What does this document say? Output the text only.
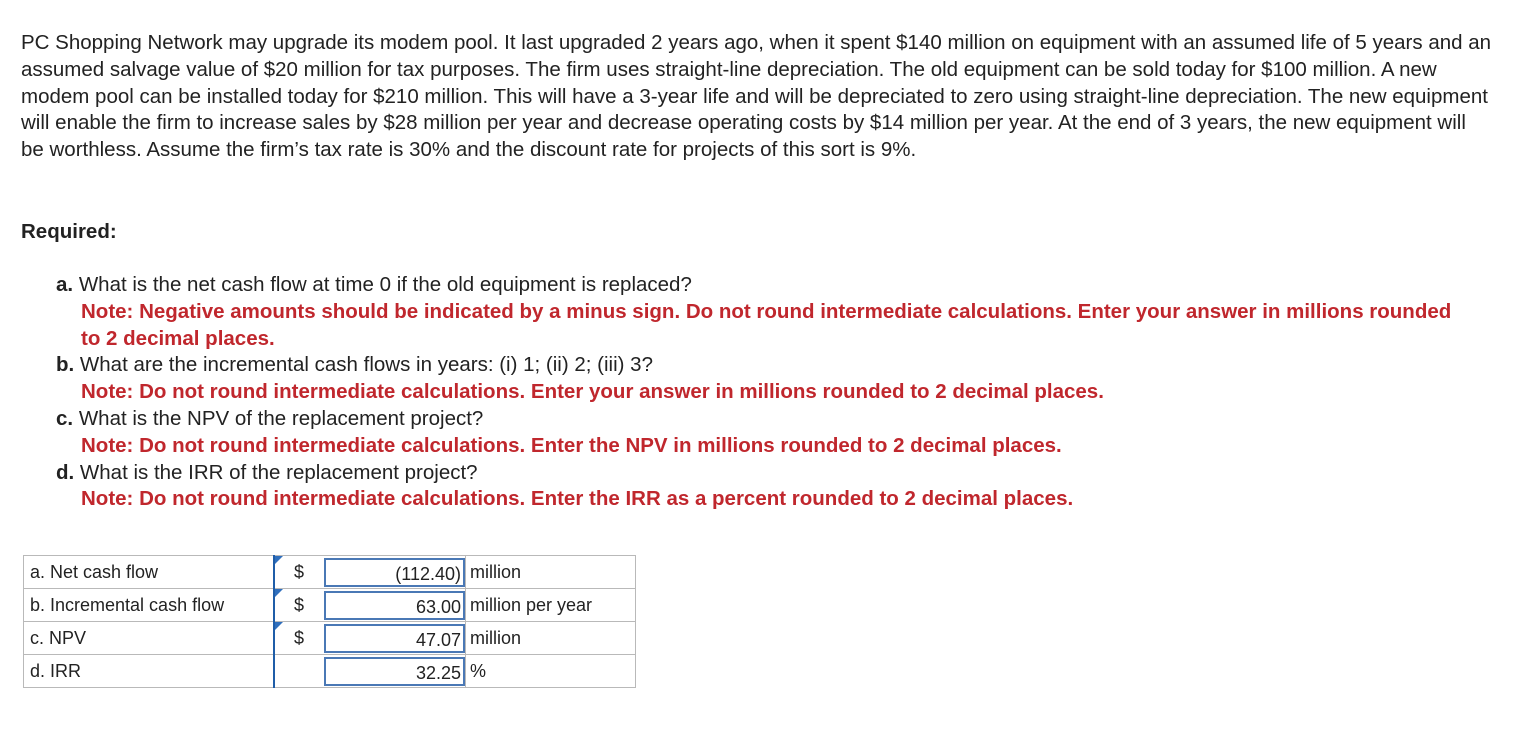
PC Shopping Network may upgrade its modem pool. It last upgraded 2 years ago, when it spent $140 million on equipment with an assumed life of 5 years and an assumed salvage value of $20 million for tax purposes. The firm uses straight-line depreciation. The old equipment can be sold today for $100 million. A new modem pool can be installed today for $210 million. This will have a 3-year life and will be depreciated to zero using straight-line depreciation. The new equipment will enable the firm to increase sales by $28 million per year and decrease operating costs by $14 million per year. At the end of 3 years, the new equipment will be worthless. Assume the firm’s tax rate is 30% and the discount rate for projects of this sort is 9%.
Required:
a. What is the net cash flow at time 0 if the old equipment is replaced?
Note: Negative amounts should be indicated by a minus sign. Do not round intermediate calculations. Enter your answer in millions rounded to 2 decimal places.
b. What are the incremental cash flows in years: (i) 1; (ii) 2; (iii) 3?
Note: Do not round intermediate calculations. Enter your answer in millions rounded to 2 decimal places.
c. What is the NPV of the replacement project?
Note: Do not round intermediate calculations. Enter the NPV in millions rounded to 2 decimal places.
d. What is the IRR of the replacement project?
Note: Do not round intermediate calculations. Enter the IRR as a percent rounded to 2 decimal places.
a. Net cash flow	$	(112.40)	million
b. Incremental cash flow	$	63.00	million per year
c. NPV	$	47.07	million
d. IRR		32.25	%
